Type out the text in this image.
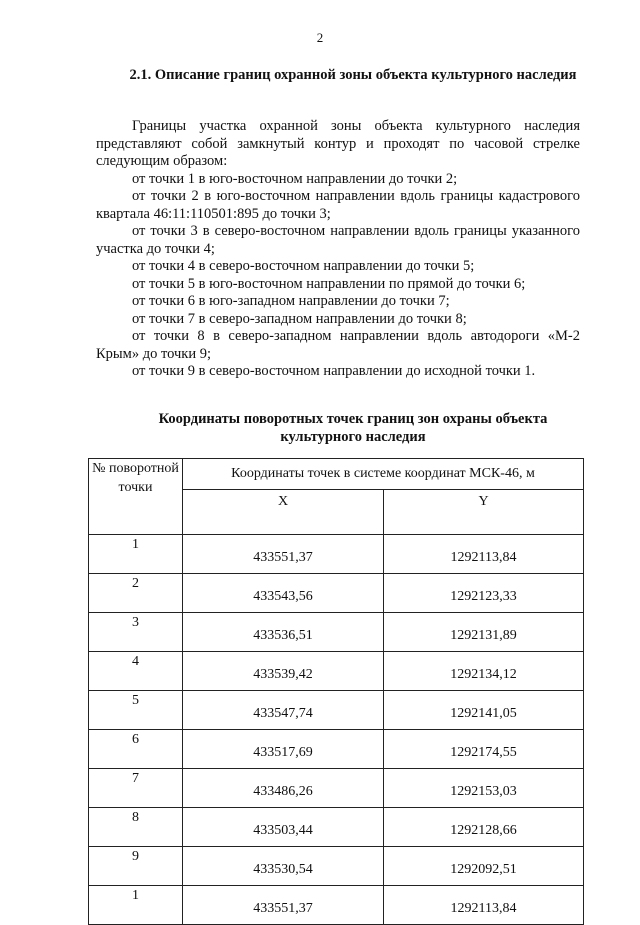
2
2.1. Описание границ охранной зоны объекта культурного наследия

Границы участка охранной зоны объекта культурного наследия представляют собой замкнутый контур и проходят по часовой стрелке следующим образом:

от точки 1 в юго-восточном направлении до точки 2;

от точки 2 в юго-восточном направлении вдоль границы кадастрового квартала 46:11:110501:895 до точки 3;

от точки 3 в северо-восточном направлении вдоль границы указанного участка до точки 4;

от точки 4 в северо-восточном направлении до точки 5;

от точки 5 в юго-восточном направлении по прямой до точки 6;

от точки 6 в юго-западном направлении до точки 7;

от точки 7 в северо-западном направлении до точки 8;

от точки 8 в северо-западном направлении вдоль автодороги «М-2 Крым» до точки 9;

от точки 9 в северо-восточном направлении до исходной точки 1.

Координаты поворотных точек границ зон охраны объекта культурного наследия
№ поворотной точки	Координаты точек в системе координат МСК-46, м	
	X	Y
1	433551,37	1292113,84
2	433543,56	1292123,33
3	433536,51	1292131,89
4	433539,42	1292134,12
5	433547,74	1292141,05
6	433517,69	1292174,55
7	433486,26	1292153,03
8	433503,44	1292128,66
9	433530,54	1292092,51
1	433551,37	1292113,84
